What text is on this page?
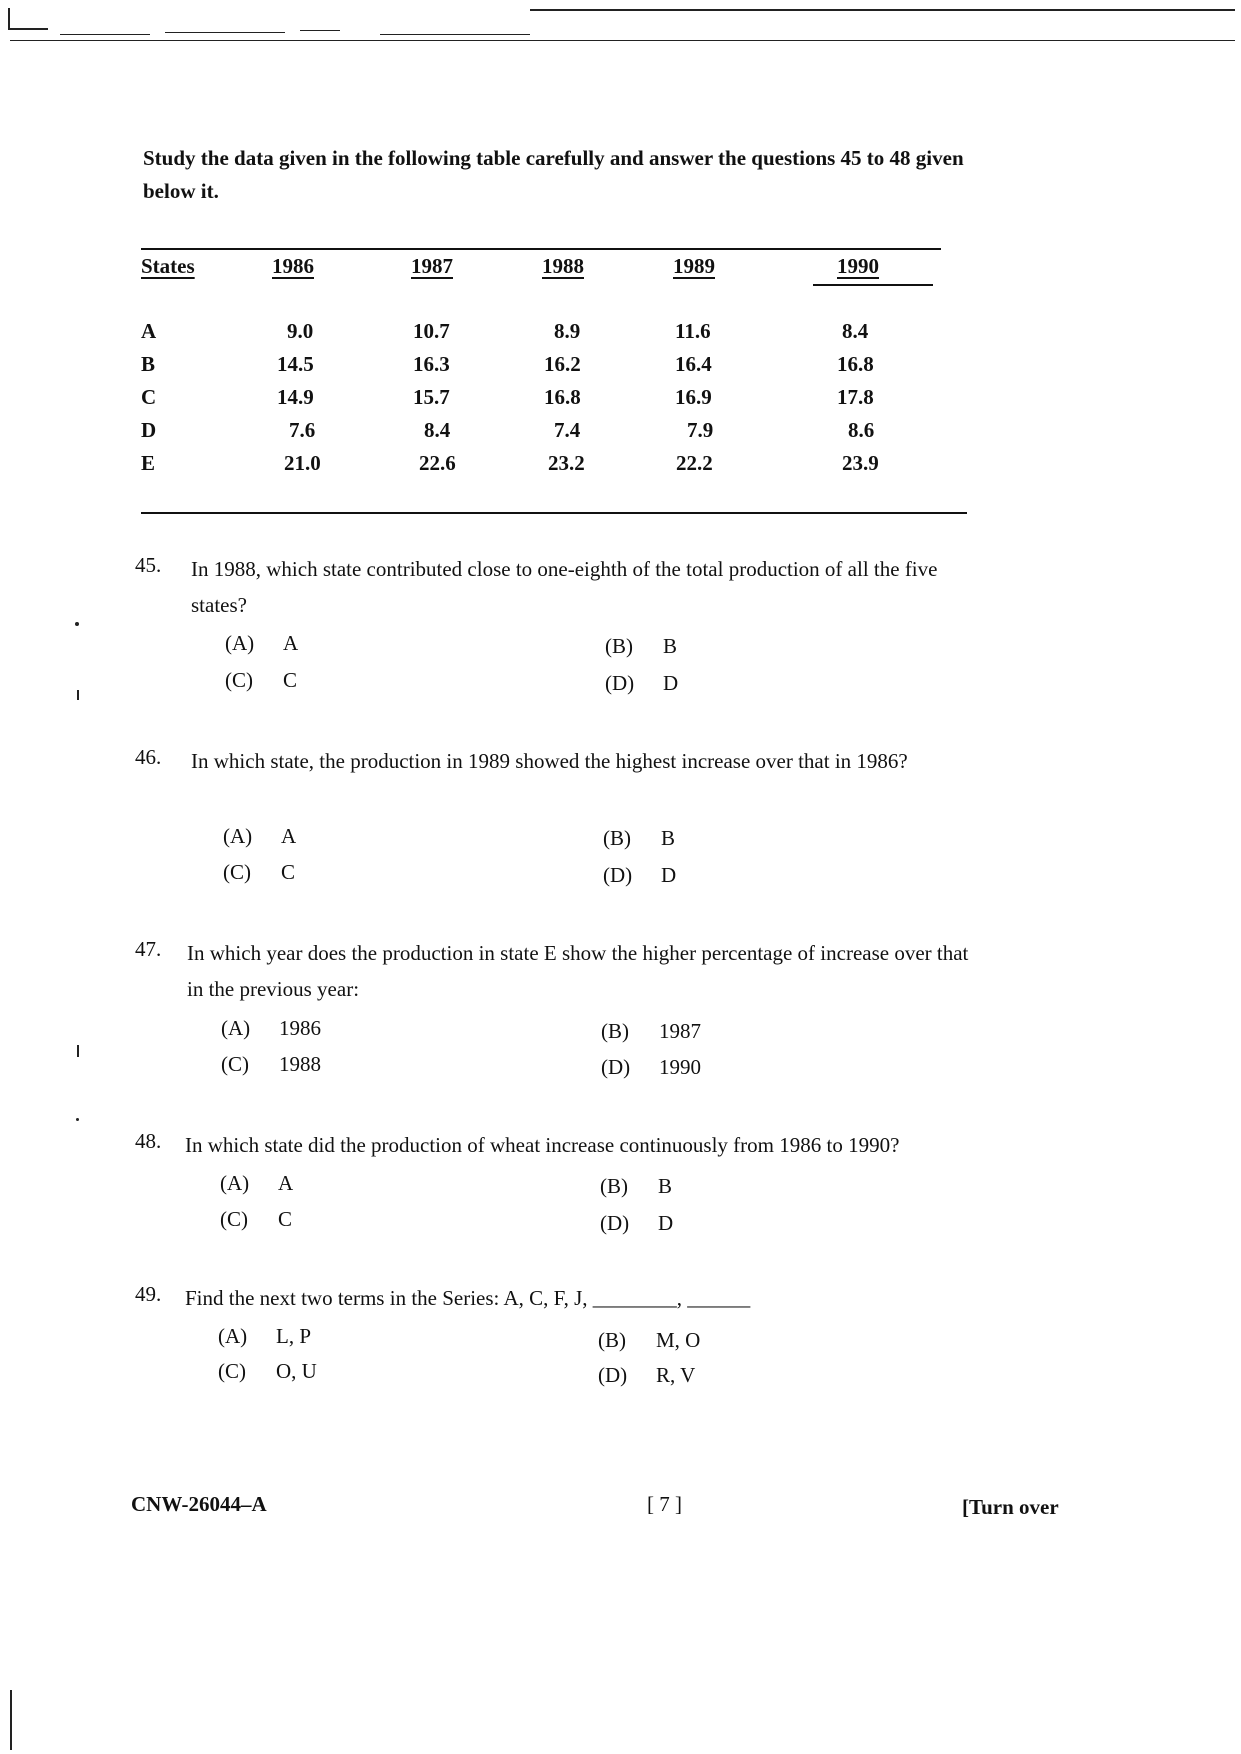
Study the data given in the following table carefully and answer the questions 45 to 48 given below it.
States	1986	1987	1988	1989	1990
A	9.0	10.7	8.9	11.6	8.4
B	14.5	16.3	16.2	16.4	16.8
C	14.9	15.7	16.8	16.9	17.8
D	7.6	8.4	7.4	7.9	8.6
E	21.0	22.6	23.2	22.2	23.9
45. In 1988, which state contributed close to one-eighth of the total production of all the five states?
(A) A	(B) B
(C) C	(D) D
46. In which state, the production in 1989 showed the highest increase over that in 1986?
(A) A	(B) B
(C) C	(D) D
47. In which year does the production in state E show the higher percentage of increase over that in the previous year:
(A) 1986	(B) 1987
(C) 1988	(D) 1990
48. In which state did the production of wheat increase continuously from 1986 to 1990?
(A) A	(B) B
(C) C	(D) D
49. Find the next two terms in the Series: A, C, F, J, ________, ______
(A) L, P	(B) M, O
(C) O, U	(D) R, V
CNW-26044–A	[ 7 ]	[Turn over
